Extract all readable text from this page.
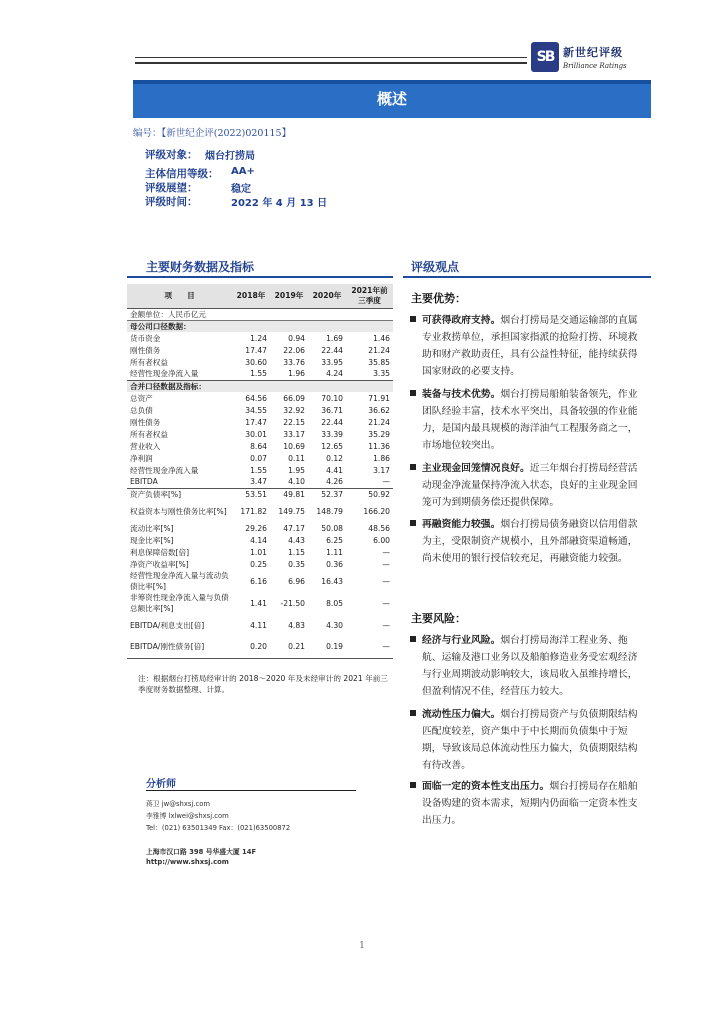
SB 新世纪评级
Brilliance Ratings
概述
编号：【新世纪企评(2022)020115】
评级对象： 烟台打捞局
主体信用等级： AA+
评级展望：	稳定
评级时间：	2022 年 4 月 13 日
主要财务数据及指标
项　　目	2018年	2019年	2020年	2021年前三季度
金额单位：人民币亿元				
母公司口径数据：				
货币资金	1.24	0.94	1.69	1.46
刚性债务	17.47	22.06	22.44	21.24
所有者权益	30.60	33.76	33.95	35.85
经营性现金净流入量	1.55	1.96	4.24	3.35
合并口径数据及指标：				
总资产	64.56	66.09	70.10	71.91
总负债	34.55	32.92	36.71	36.62
刚性债务	17.47	22.15	22.44	21.24
所有者权益	30.01	33.17	33.39	35.29
营业收入	8.64	10.69	12.65	11.36
净利润	0.07	0.11	0.12	1.86
经营性现金净流入量	1.55	1.95	4.41	3.17
EBITDA	3.47	4.10	4.26	—
资产负债率[%]	53.51	49.81	52.37	50.92
权益资本与刚性债务比率[%]	171.82	149.75	148.79	166.20
流动比率[%]	29.26	47.17	50.08	48.56
现金比率[%]	4.14	4.43	6.25	6.00
利息保障倍数[倍]	1.01	1.15	1.11	—
净资产收益率[%]	0.25	0.35	0.36	—
经营性现金净流入量与流动负债比率[%]	6.16	6.96	16.43	—
非筹资性现金净流入量与负债总额比率[%]	1.41	-21.50	8.05	—
EBITDA/利息支出[倍]	4.11	4.83	4.30	—
EBITDA/刚性债务[倍]	0.20	0.21	0.19	—
注：根据烟台打捞局经审计的 2018～2020 年及未经审计的 2021 年前三季度财务数据整理、计算。
分析师
蒋卫 jw@shxsj.com
李雅博 lxlwei@shxsj.com
Tel：(021) 63501349 Fax：(021)63500872
上海市汉口路 398 号华盛大厦 14F
http://www.shxsj.com
评级观点
主要优势：
可获得政府支持。烟台打捞局是交通运输部的直属专业救捞单位，承担国家指派的抢险打捞、环境救助和财产救助责任，具有公益性特征，能持续获得国家财政的必要支持。
装备与技术优势。烟台打捞局船舶装备领先，作业团队经验丰富，技术水平突出，具备较强的作业能力，是国内最具规模的海洋油气工程服务商之一，市场地位较突出。
主业现金回笼情况良好。近三年烟台打捞局经营活动现金净流量保持净流入状态，良好的主业现金回笼可为到期债务偿还提供保障。
再融资能力较强。烟台打捞局债务融资以信用借款为主，受限制资产规模小，且外部融资渠道畅通，尚未使用的银行授信较充足，再融资能力较强。
主要风险：
经济与行业风险。烟台打捞局海洋工程业务、拖航、运输及港口业务以及船舶修造业务受宏观经济与行业周期波动影响较大，该局收入虽维持增长，但盈利情况不佳，经营压力较大。
流动性压力偏大。烟台打捞局资产与负债期限结构匹配度较差，资产集中于中长期而负债集中于短期，导致该局总体流动性压力偏大，负债期限结构有待改善。
面临一定的资本性支出压力。烟台打捞局存在船舶设备购建的资本需求，短期内仍面临一定资本性支出压力。
1
